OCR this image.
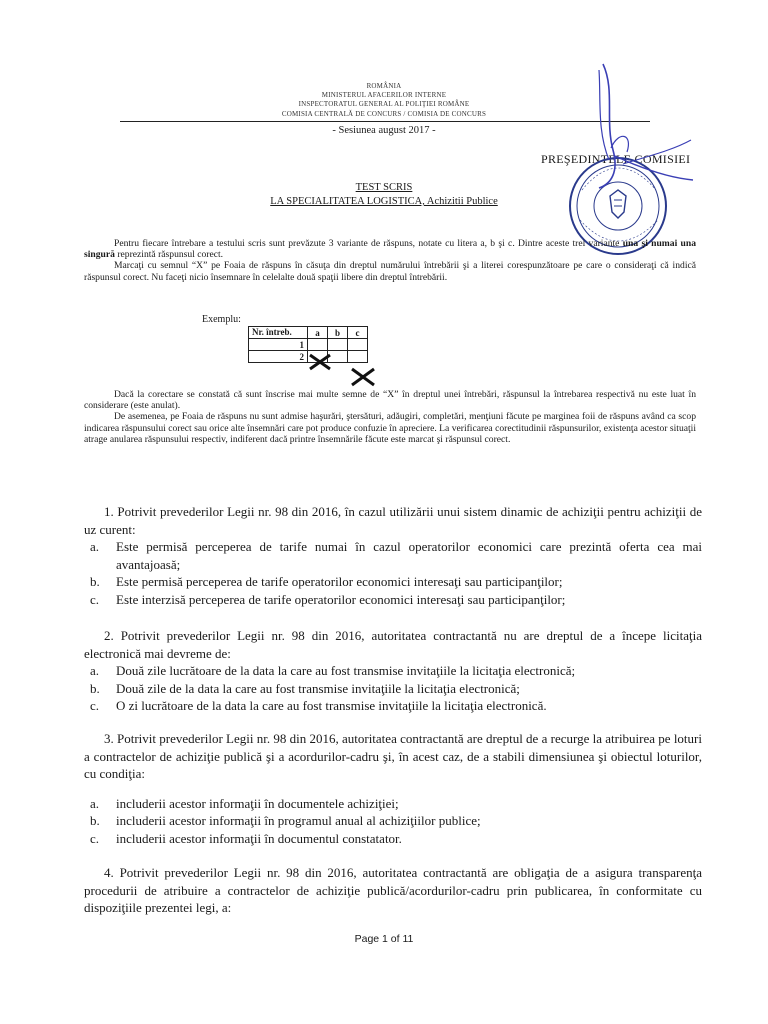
ROMÂNIA
MINISTERUL AFACERILOR INTERNE
INSPECTORATUL GENERAL AL POLIŢIEI ROMÂNE
COMISIA CENTRALĂ DE CONCURS / COMISIA DE CONCURS
- Sesiunea august 2017 -
PREŞEDINTELE COMISIEI
TEST SCRIS
LA SPECIALITATEA LOGISTICA, Achizitii Publice

Pentru fiecare întrebare a testului scris sunt prevăzute 3 variante de răspuns, notate cu litera a, b şi c. Dintre aceste trei variante una şi numai una singură reprezintă răspunsul corect.

Marcaţi cu semnul “X” pe Foaia de răspuns în căsuţa din dreptul numărului întrebării şi a literei corespunzătoare pe care o consideraţi că indică răspunsul corect. Nu faceţi nicio însemnare în celelalte două spaţii libere din dreptul întrebării.

Exemplu:
Nr. întreb.	a	b	c
1			
2			

Dacă la corectare se constată că sunt înscrise mai multe semne de “X” în dreptul unei întrebări, răspunsul la întrebarea respectivă nu este luat în considerare (este anulat).

De asemenea, pe Foaia de răspuns nu sunt admise haşurări, ştersături, adăugiri, completări, menţiuni făcute pe marginea foii de răspuns având ca scop indicarea răspunsului corect sau orice alte însemnări care pot produce confuzie în apreciere. La verificarea corectitudinii răspunsurilor, existenţa acestor situaţii atrage anularea răspunsului respectiv, indiferent dacă printre însemnările făcute este marcat şi răspunsul corect.

1. Potrivit prevederilor Legii nr. 98 din 2016, în cazul utilizării unui sistem dinamic de achiziţii pentru achiziţii de uz curent:

a. Este permisă perceperea de tarife numai în cazul operatorilor economici care prezintă oferta cea mai avantajoasă;

b. Este permisă perceperea de tarife operatorilor economici interesaţi sau participanţilor;

c. Este interzisă perceperea de tarife operatorilor economici interesaţi sau participanţilor;

2. Potrivit prevederilor Legii nr. 98 din 2016, autoritatea contractantă nu are dreptul de a începe licitaţia electronică mai devreme de:

a. Două zile lucrătoare de la data la care au fost transmise invitaţiile la licitaţia electronică;

b. Două zile de la data la care au fost transmise invitaţiile la licitaţia electronică;

c. O zi lucrătoare de la data la care au fost transmise invitaţiile la licitaţia electronică.

3. Potrivit prevederilor Legii nr. 98 din 2016, autoritatea contractantă are dreptul de a recurge la atribuirea pe loturi a contractelor de achiziţie publică şi a acordurilor-cadru şi, în acest caz, de a stabili dimensiunea şi obiectul loturilor, cu condiţia:

a. includerii acestor informaţii în documentele achiziţiei;

b. includerii acestor informaţii în programul anual al achiziţiilor publice;

c. includerii acestor informaţii în documentul constatator.

4. Potrivit prevederilor Legii nr. 98 din 2016, autoritatea contractantă are obligaţia de a asigura transparenţa procedurii de atribuire a contractelor de achiziţie publică/acordurilor-cadru prin publicarea, în conformitate cu dispoziţiile prezentei legi, a:

Page 1 of 11
